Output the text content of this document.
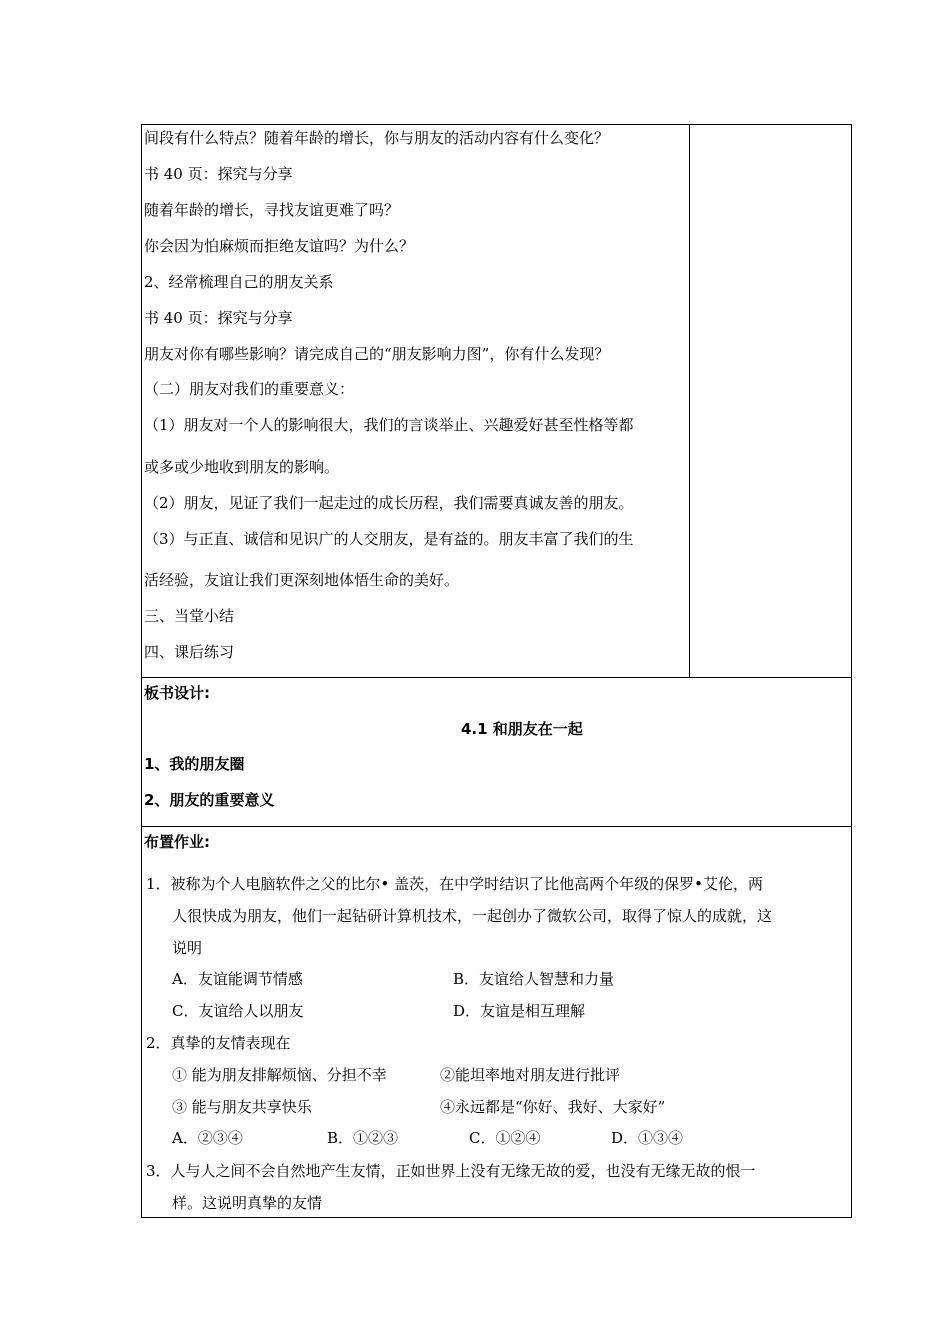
间段有什么特点？随着年龄的增长，你与朋友的活动内容有什么变化？
书 40 页：探究与分享
随着年龄的增长，寻找友谊更难了吗？
你会因为怕麻烦而拒绝友谊吗？为什么？
2、经常梳理自己的朋友关系
书 40 页：探究与分享
朋友对你有哪些影响？请完成自己的“朋友影响力图”，你有什么发现？
（二）朋友对我们的重要意义：
（1）朋友对一个人的影响很大，我们的言谈举止、兴趣爱好甚至性格等都
或多或少地收到朋友的影响。
（2）朋友，见证了我们一起走过的成长历程，我们需要真诚友善的朋友。
（3）与正直、诚信和见识广的人交朋友，是有益的。朋友丰富了我们的生
活经验，友谊让我们更深刻地体悟生命的美好。
三、当堂小结
四、课后练习
板书设计:
4.1 和朋友在一起
1、我的朋友圈
2、朋友的重要意义
布置作业:
1．被称为个人电脑软件之父的比尔• 盖茨，在中学时结识了比他高两个年级的保罗•艾伦，两
人很快成为朋友，他们一起钻研计算机技术，一起创办了微软公司，取得了惊人的成就，这
说明
A．友谊能调节情感	B．友谊给人智慧和力量
C．友谊给人以朋友	D．友谊是相互理解
2．真挚的友情表现在
① 能为朋友排解烦恼、分担不幸	②能坦率地对朋友进行批评
③ 能与朋友共享快乐	④永远都是“你好、我好、大家好”
A．②③④	B．①②③	C．①②④	D．①③④
3．人与人之间不会自然地产生友情，正如世界上没有无缘无故的爱，也没有无缘无故的恨一
样。这说明真挚的友情
